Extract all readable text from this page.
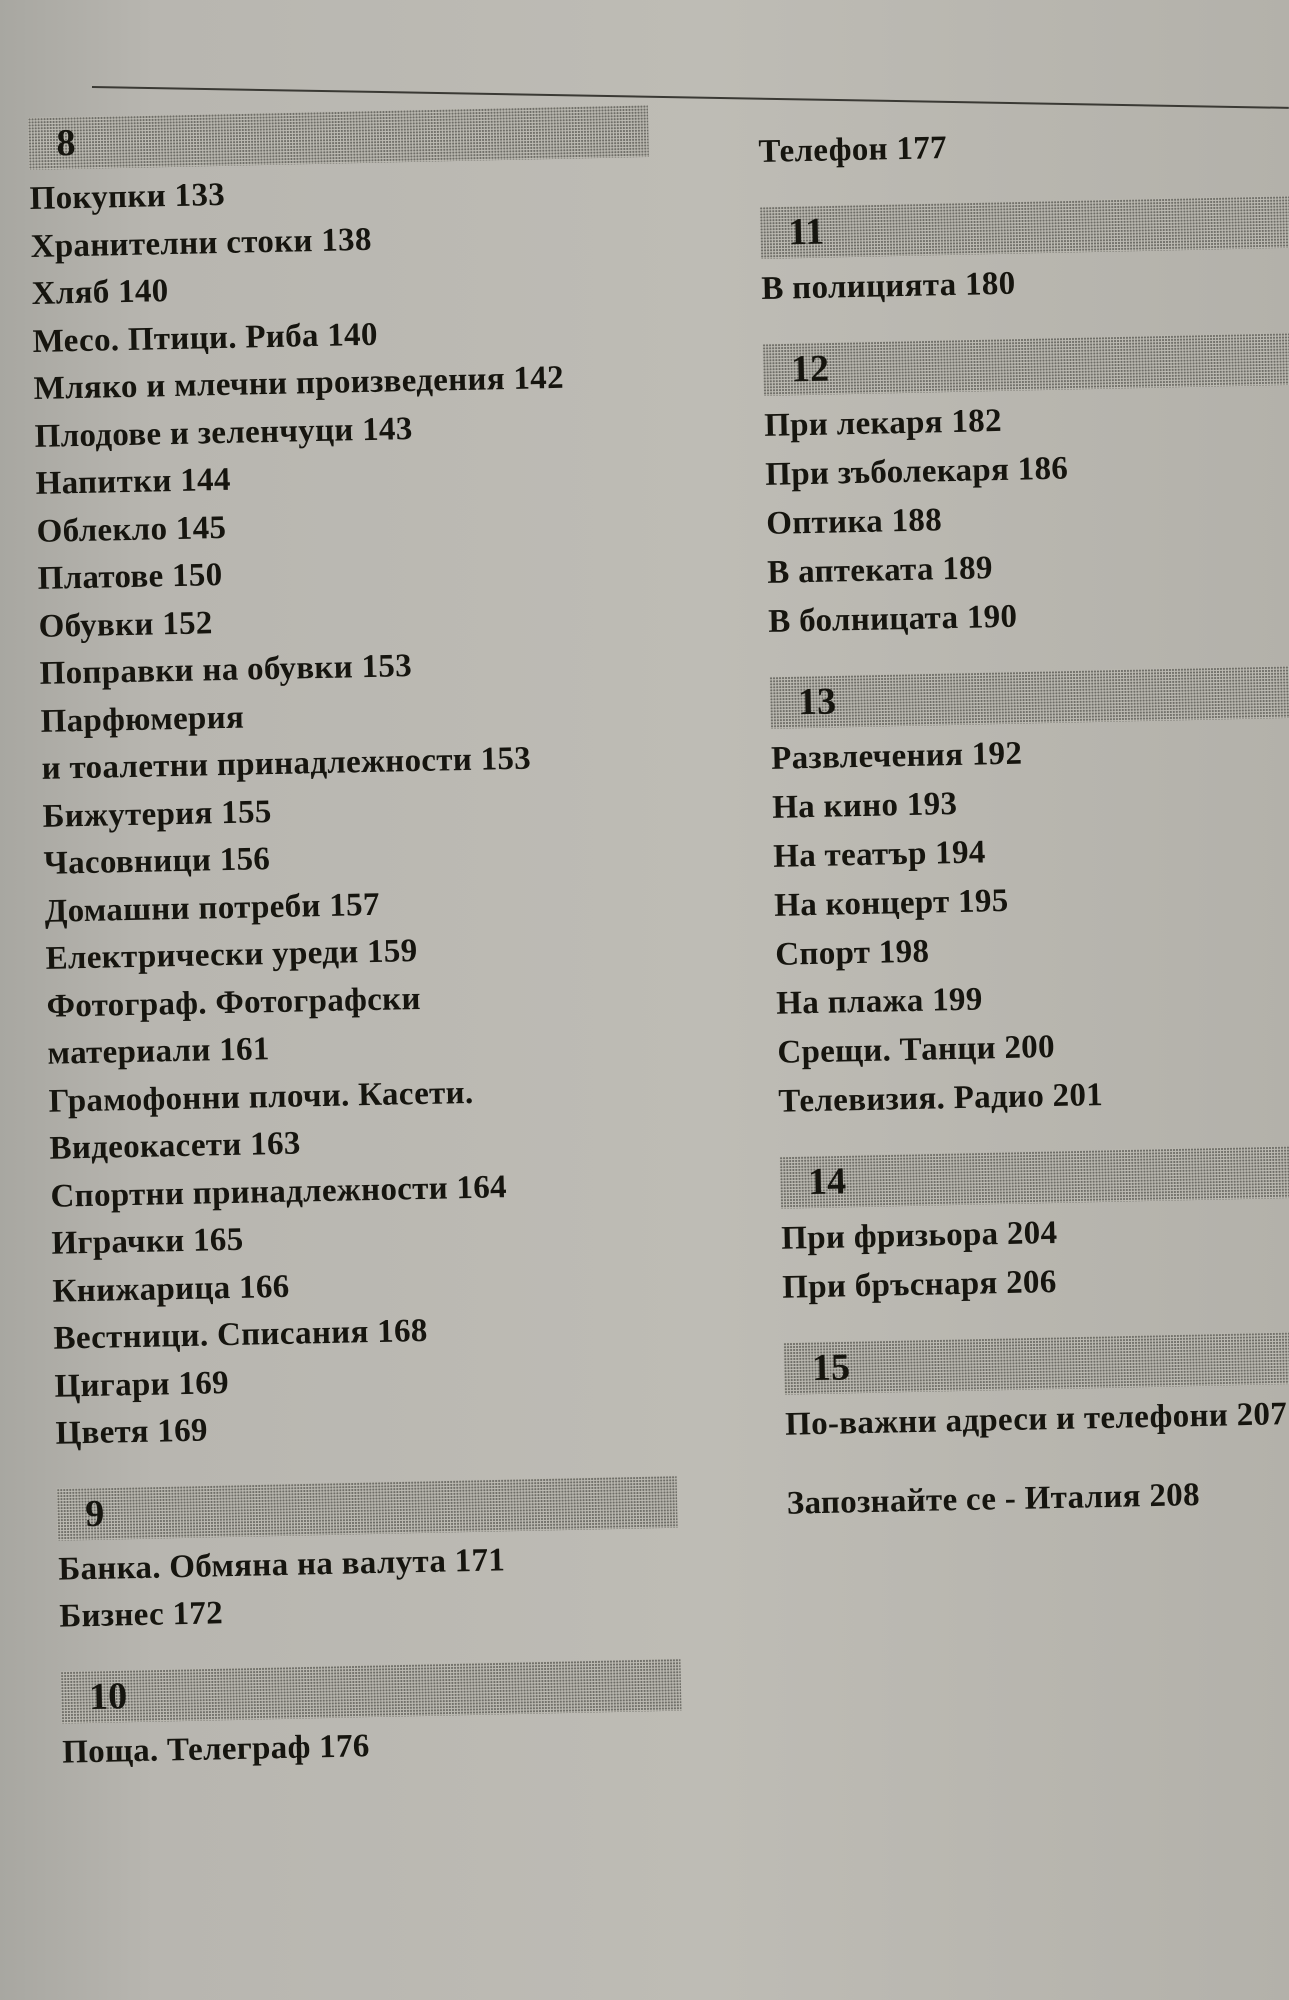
8
Покупки 133
Хранителни стоки 138
Хляб 140
Месо. Птици. Риба 140
Мляко и млечни произведения 142
Плодове и зеленчуци 143
Напитки 144
Облекло 145
Платове 150
Обувки 152
Поправки на обувки 153
Парфюмерия
и тоалетни принадлежности 153
Бижутерия 155
Часовници 156
Домашни потреби 157
Електрически уреди 159
Фотограф. Фотографски
материали 161
Грамофонни плочи. Касети.
Видеокасети 163
Спортни принадлежности 164
Играчки 165
Книжарица 166
Вестници. Списания 168
Цигари 169
Цветя 169
9
Банка. Обмяна на валута 171
Бизнес 172
10
Поща. Телеграф 176
Телефон 177
11
В полицията 180
12
При лекаря 182
При зъболекаря 186
Оптика 188
В аптеката 189
В болницата 190
13
Развлечения 192
На кино 193
На театър 194
На концерт 195
Спорт 198
На плажа 199
Срещи. Танци 200
Телевизия. Радио 201
14
При фризьора 204
При бръснаря 206
15
По-важни адреси и телефони 207
Запознайте се - Италия 208
